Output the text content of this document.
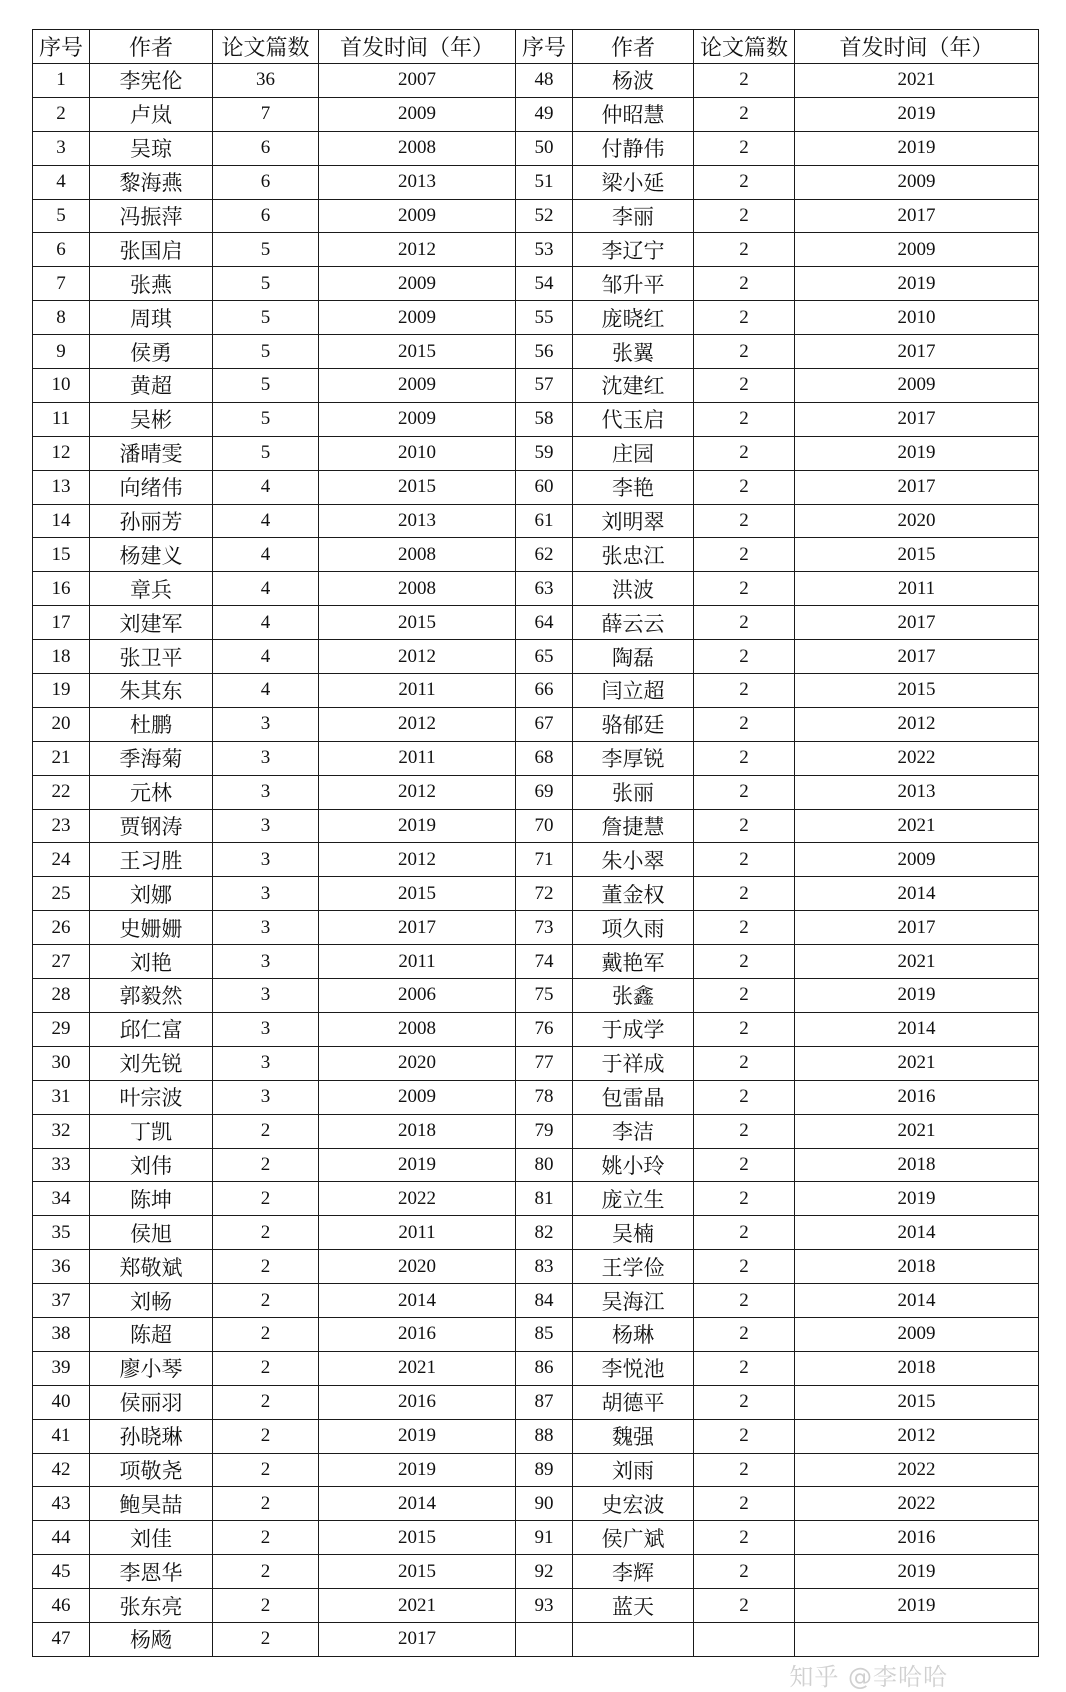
序号	作者	论文篇数	首发时间（年）	序号	作者	论文篇数	首发时间（年）
1	李宪伦	36	2007	48	杨波	2	2021
2	卢岚	7	2009	49	仲昭慧	2	2019
3	吴琼	6	2008	50	付静伟	2	2019
4	黎海燕	6	2013	51	梁小延	2	2009
5	冯振萍	6	2009	52	李丽	2	2017
6	张国启	5	2012	53	李辽宁	2	2009
7	张燕	5	2009	54	邹升平	2	2019
8	周琪	5	2009	55	庞晓红	2	2010
9	侯勇	5	2015	56	张翼	2	2017
10	黄超	5	2009	57	沈建红	2	2009
11	吴彬	5	2009	58	代玉启	2	2017
12	潘晴雯	5	2010	59	庄园	2	2019
13	向绪伟	4	2015	60	李艳	2	2017
14	孙丽芳	4	2013	61	刘明翠	2	2020
15	杨建义	4	2008	62	张忠江	2	2015
16	章兵	4	2008	63	洪波	2	2011
17	刘建军	4	2015	64	薛云云	2	2017
18	张卫平	4	2012	65	陶磊	2	2017
19	朱其东	4	2011	66	闫立超	2	2015
20	杜鹏	3	2012	67	骆郁廷	2	2012
21	季海菊	3	2011	68	李厚锐	2	2022
22	元林	3	2012	69	张丽	2	2013
23	贾钢涛	3	2019	70	詹捷慧	2	2021
24	王习胜	3	2012	71	朱小翠	2	2009
25	刘娜	3	2015	72	董金权	2	2014
26	史姗姗	3	2017	73	项久雨	2	2017
27	刘艳	3	2011	74	戴艳军	2	2021
28	郭毅然	3	2006	75	张鑫	2	2019
29	邱仁富	3	2008	76	于成学	2	2014
30	刘先锐	3	2020	77	于祥成	2	2021
31	叶宗波	3	2009	78	包雷晶	2	2016
32	丁凯	2	2018	79	李洁	2	2021
33	刘伟	2	2019	80	姚小玲	2	2018
34	陈坤	2	2022	81	庞立生	2	2019
35	侯旭	2	2011	82	吴楠	2	2014
36	郑敬斌	2	2020	83	王学俭	2	2018
37	刘畅	2	2014	84	吴海江	2	2014
38	陈超	2	2016	85	杨琳	2	2009
39	廖小琴	2	2021	86	李悦池	2	2018
40	侯丽羽	2	2016	87	胡德平	2	2015
41	孙晓琳	2	2019	88	魏强	2	2012
42	项敬尧	2	2019	89	刘雨	2	2022
43	鲍昊喆	2	2014	90	史宏波	2	2022
44	刘佳	2	2015	91	侯广斌	2	2016
45	李恩华	2	2015	92	李辉	2	2019
46	张东亮	2	2021	93	蓝天	2	2019
47	杨飏	2	2017				
知乎 @李哈哈
